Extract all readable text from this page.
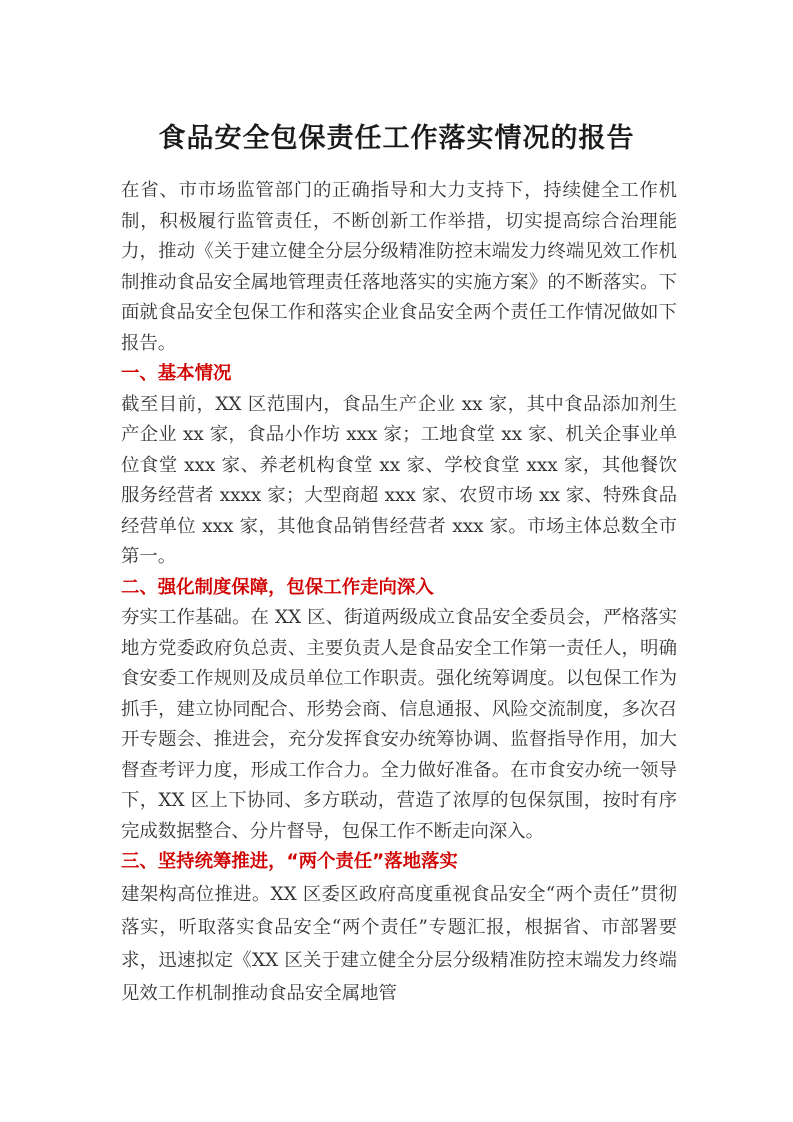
食品安全包保责任工作落实情况的报告

在省、市市场监管部门的正确指导和大力支持下，持续健全工作机制，积极履行监管责任，不断创新工作举措，切实提高综合治理能力，推动《关于建立健全分层分级精准防控末端发力终端见效工作机制推动食品安全属地管理责任落地落实的实施方案》的不断落实。下面就食品安全包保工作和落实企业食品安全两个责任工作情况做如下报告。

一、基本情况

截至目前，XX 区范围内，食品生产企业 xx 家，其中食品添加剂生产企业 xx 家，食品小作坊 xxx 家；工地食堂 xx 家、机关企事业单位食堂 xxx 家、养老机构食堂 xx 家、学校食堂 xxx 家，其他餐饮服务经营者 xxxx 家；大型商超 xxx 家、农贸市场 xx 家、特殊食品经营单位 xxx 家，其他食品销售经营者 xxx 家。市场主体总数全市第一。

二、强化制度保障，包保工作走向深入

夯实工作基础。在 XX 区、街道两级成立食品安全委员会，严格落实地方党委政府负总责、主要负责人是食品安全工作第一责任人，明确食安委工作规则及成员单位工作职责。强化统筹调度。以包保工作为抓手，建立协同配合、形势会商、信息通报、风险交流制度，多次召开专题会、推进会，充分发挥食安办统筹协调、监督指导作用，加大督查考评力度，形成工作合力。全力做好准备。在市食安办统一领导下，XX 区上下协同、多方联动，营造了浓厚的包保氛围，按时有序完成数据整合、分片督导，包保工作不断走向深入。

三、坚持统筹推进，“两个责任”落地落实

建架构高位推进。XX 区委区政府高度重视食品安全“两个责任”贯彻落实，听取落实食品安全“两个责任”专题汇报，根据省、市部署要求，迅速拟定《XX 区关于建立健全分层分级精准防控末端发力终端见效工作机制推动食品安全属地管
